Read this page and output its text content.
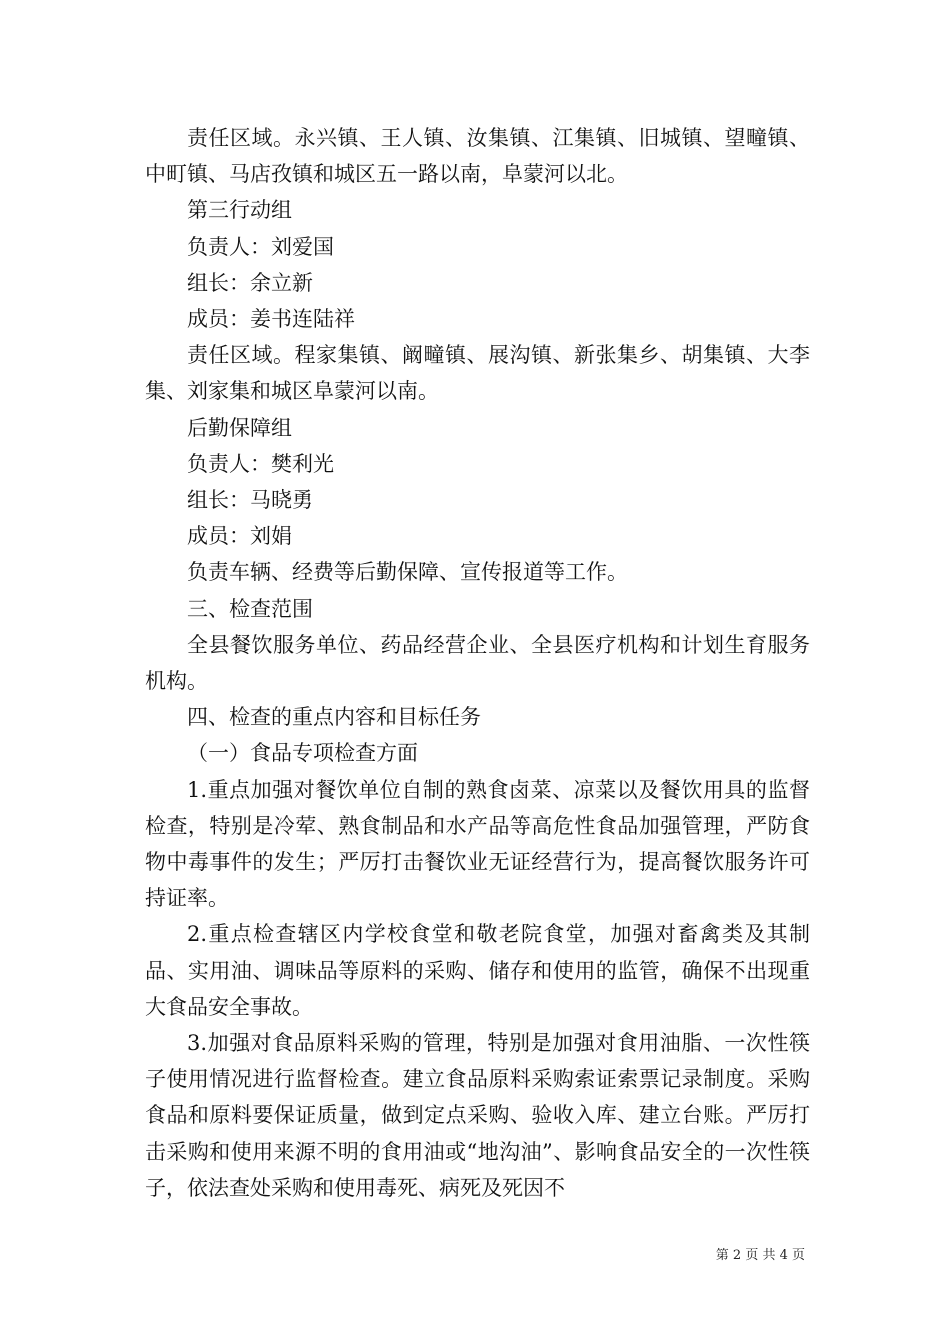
责任区域。永兴镇、王人镇、汝集镇、江集镇、旧城镇、望疃镇、中町镇、马店孜镇和城区五一路以南，阜蒙河以北。

第三行动组

负责人：刘爱国

组长：余立新

成员：姜书连陆祥

责任区域。程家集镇、阚疃镇、展沟镇、新张集乡、胡集镇、大李集、刘家集和城区阜蒙河以南。

后勤保障组

负责人：樊利光

组长：马晓勇

成员：刘娟

负责车辆、经费等后勤保障、宣传报道等工作。

三、检查范围

全县餐饮服务单位、药品经营企业、全县医疗机构和计划生育服务机构。

四、检查的重点内容和目标任务

（一）食品专项检查方面

1.重点加强对餐饮单位自制的熟食卤菜、凉菜以及餐饮用具的监督检查，特别是冷荤、熟食制品和水产品等高危性食品加强管理，严防食物中毒事件的发生；严厉打击餐饮业无证经营行为，提高餐饮服务许可持证率。

2.重点检查辖区内学校食堂和敬老院食堂，加强对畜禽类及其制品、实用油、调味品等原料的采购、储存和使用的监管，确保不出现重大食品安全事故。

3.加强对食品原料采购的管理，特别是加强对食用油脂、一次性筷子使用情况进行监督检查。建立食品原料采购索证索票记录制度。采购食品和原料要保证质量，做到定点采购、验收入库、建立台账。严厉打击采购和使用来源不明的食用油或“地沟油”、影响食品安全的一次性筷子，依法查处采购和使用毒死、病死及死因不

第 2 页 共 4 页
